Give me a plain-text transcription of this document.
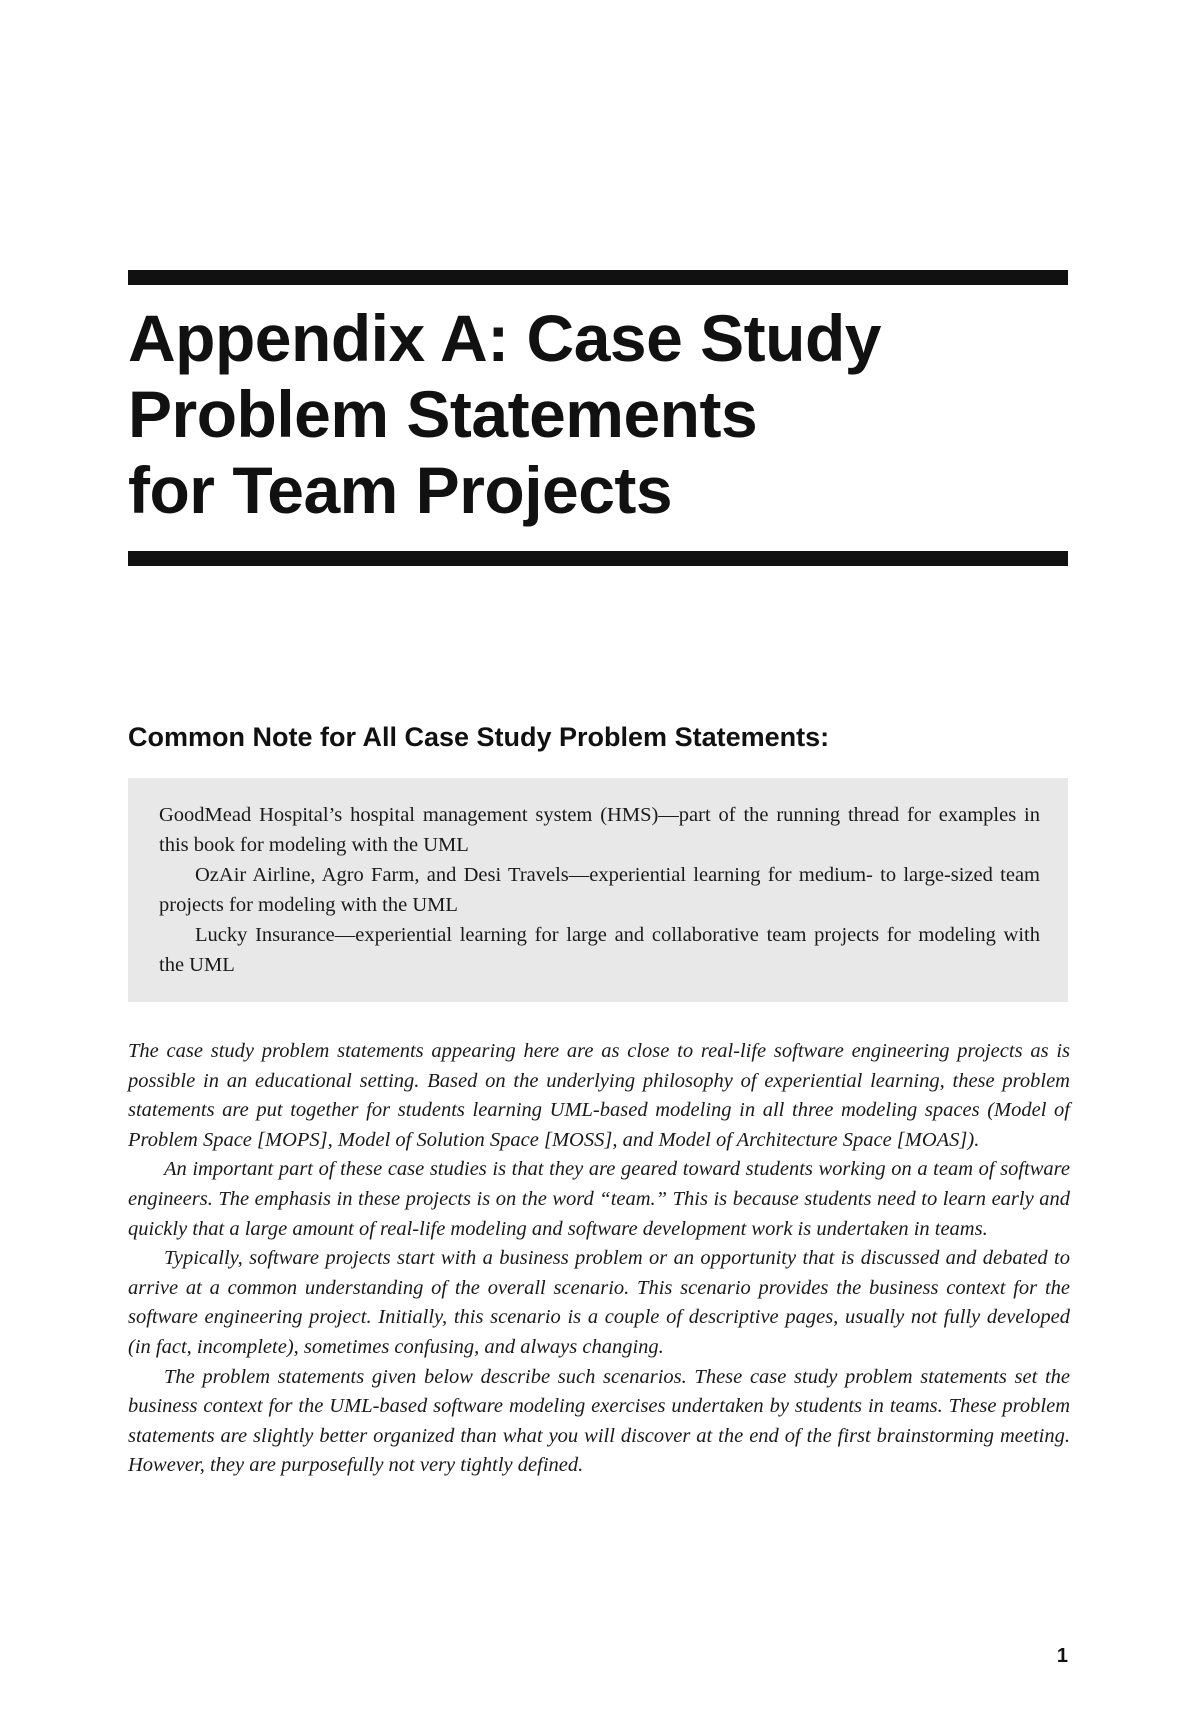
Appendix A: Case Study
Problem Statements
for Team Projects
Common Note for All Case Study Problem Statements:

GoodMead Hospital’s hospital management system (HMS)—part of the running thread for examples in this book for modeling with the UML

OzAir Airline, Agro Farm, and Desi Travels—experiential learning for medium- to large-sized team projects for modeling with the UML

Lucky Insurance—experiential learning for large and collaborative team projects for modeling with the UML

The case study problem statements appearing here are as close to real-life software engineering projects as is possible in an educational setting. Based on the underlying philosophy of experiential learning, these problem statements are put together for students learning UML-based modeling in all three modeling spaces (Model of Problem Space [MOPS], Model of Solution Space [MOSS], and Model of Architecture Space [MOAS]).

An important part of these case studies is that they are geared toward students working on a team of software engineers. The emphasis in these projects is on the word “team.” This is because students need to learn early and quickly that a large amount of real-life modeling and software development work is undertaken in teams.

Typically, software projects start with a business problem or an opportunity that is discussed and debated to arrive at a common understanding of the overall scenario. This scenario provides the business context for the software engineering project. Initially, this scenario is a couple of descriptive pages, usually not fully developed (in fact, incomplete), sometimes confusing, and always changing.

The problem statements given below describe such scenarios. These case study problem statements set the business context for the UML-based software modeling exercises undertaken by students in teams. These problem statements are slightly better organized than what you will discover at the end of the first brainstorming meeting. However, they are purposefully not very tightly defined.

1
